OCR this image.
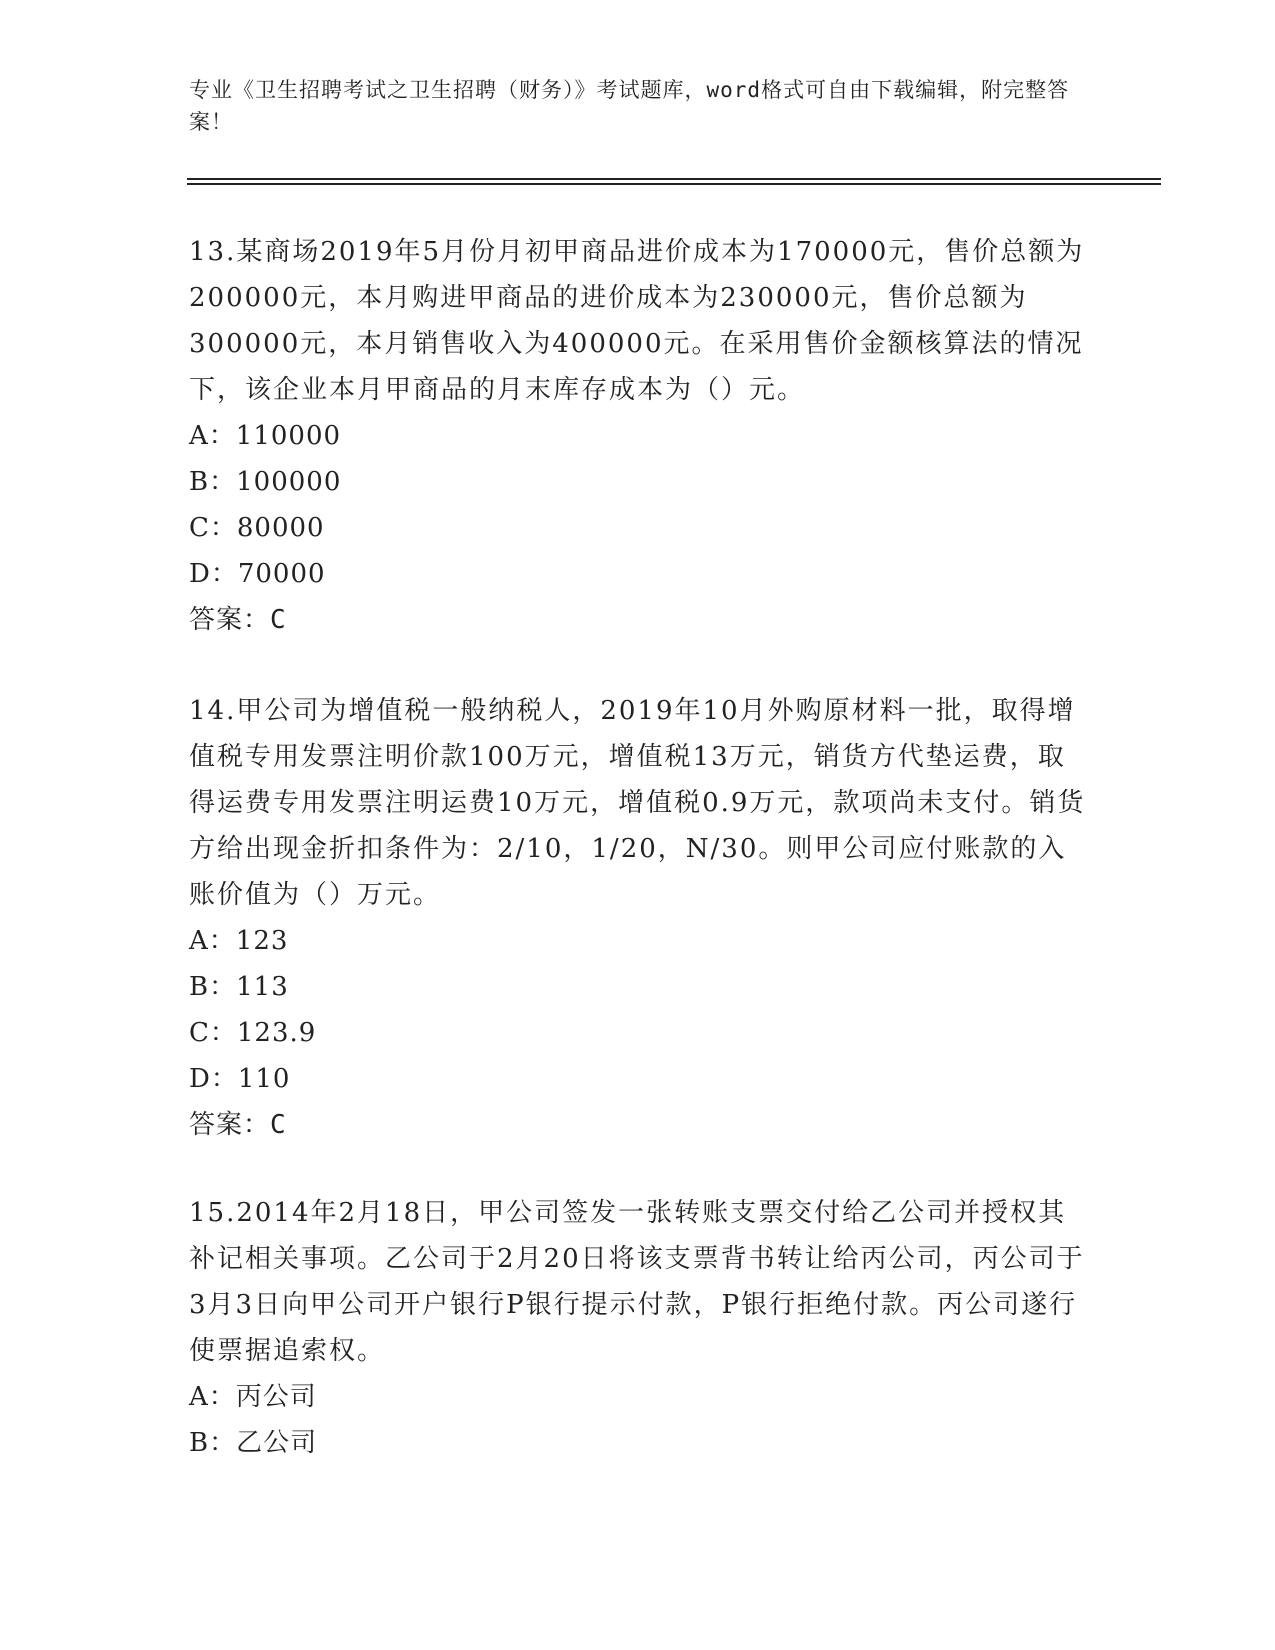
专业《卫生招聘考试之卫生招聘（财务）》考试题库，word格式可自由下载编辑，附完整答案！
13.某商场2019年5月份月初甲商品进价成本为170000元，售价总额为200000元，本月购进甲商品的进价成本为230000元，售价总额为300000元，本月销售收入为400000元。在采用售价金额核算法的情况下，该企业本月甲商品的月末库存成本为（）元。
A：110000
B：100000
C：80000
D：70000
答案：C
14.甲公司为增值税一般纳税人，2019年10月外购原材料一批，取得增值税专用发票注明价款100万元，增值税13万元，销货方代垫运费，取得运费专用发票注明运费10万元，增值税0.9万元，款项尚未支付。销货方给出现金折扣条件为：2/10，1/20，N/30。则甲公司应付账款的入账价值为（）万元。
A：123
B：113
C：123.9
D：110
答案：C
15.2014年2月18日，甲公司签发一张转账支票交付给乙公司并授权其补记相关事项。乙公司于2月20日将该支票背书转让给丙公司，丙公司于3月3日向甲公司开户银行P银行提示付款，P银行拒绝付款。丙公司遂行使票据追索权。
A：丙公司
B：乙公司
